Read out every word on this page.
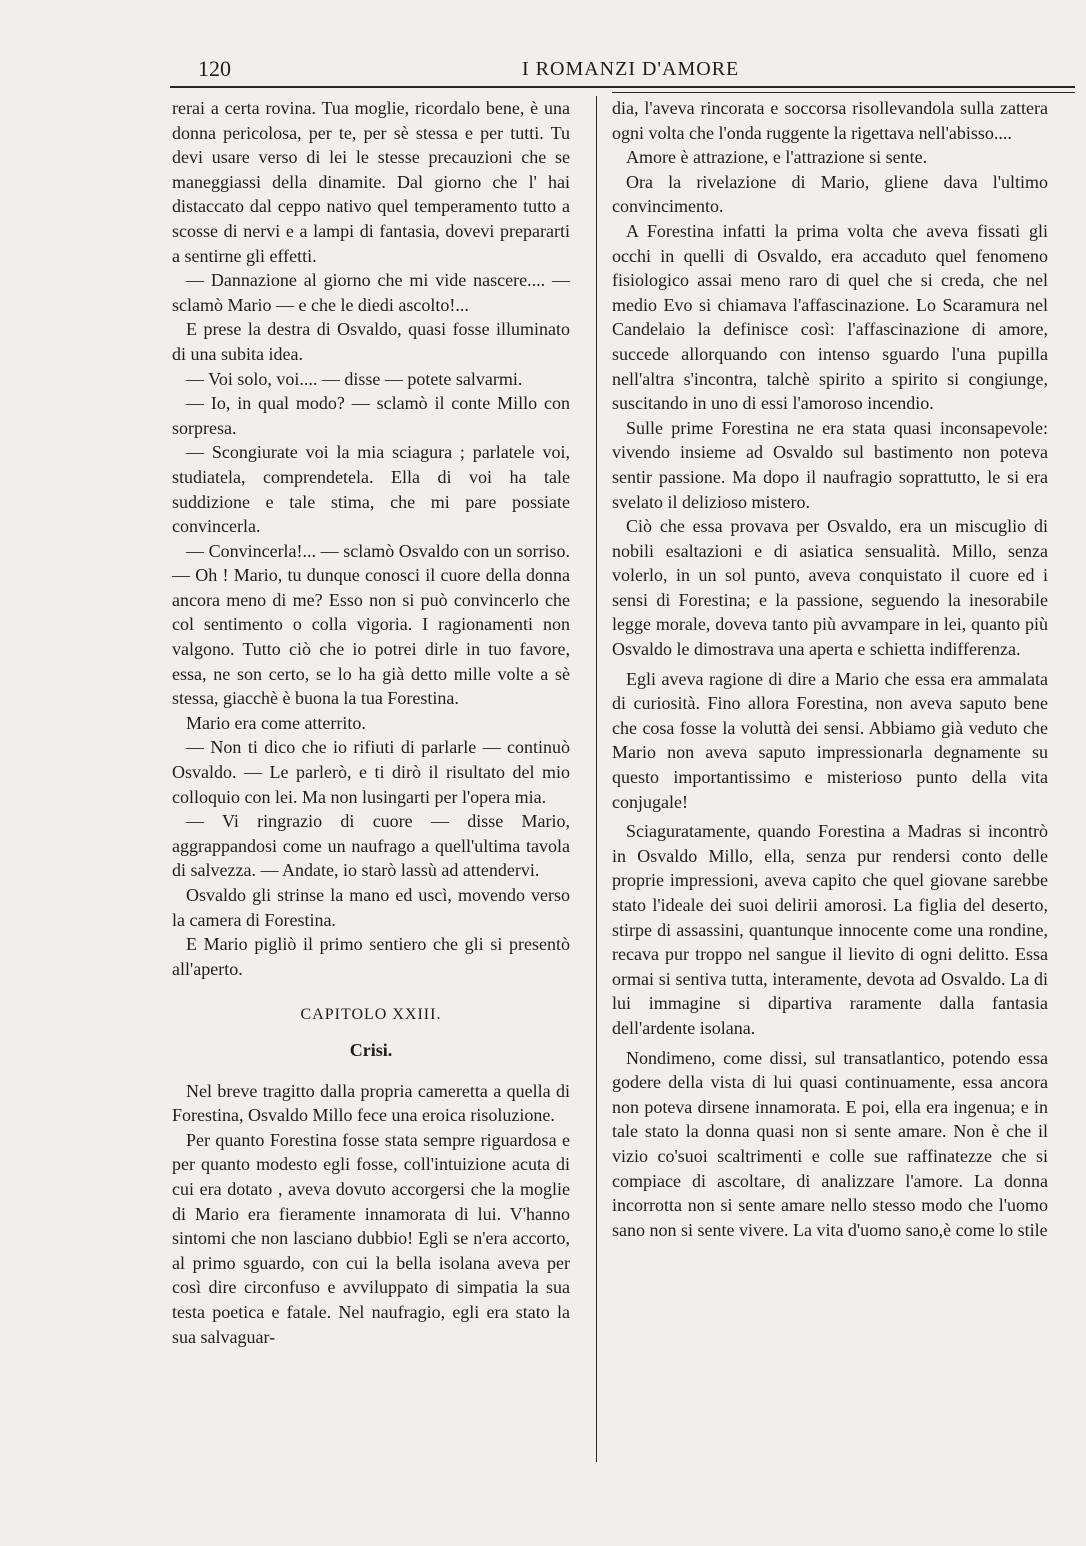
120	I ROMANZI D'AMORE

rerai a certa rovina. Tua moglie, ricordalo bene, è una donna pericolosa, per te, per sè stessa e per tutti. Tu devi usare verso di lei le stesse precauzioni che se maneggiassi della dinamite. Dal giorno che l' hai distaccato dal ceppo nativo quel temperamento tutto a scosse di nervi e a lampi di fantasia, dovevi prepararti a sentirne gli effetti.

— Dannazione al giorno che mi vide nascere.... — sclamò Mario — e che le diedi ascolto!...

E prese la destra di Osvaldo, quasi fosse illuminato di una subita idea.

— Voi solo, voi.... — disse — potete salvarmi.

— Io, in qual modo? — sclamò il conte Millo con sorpresa.

— Scongiurate voi la mia sciagura ; parlatele voi, studiatela, comprendetela. Ella di voi ha tale suddizione e tale stima, che mi pare possiate convincerla.

— Convincerla!... — sclamò Osvaldo con un sorriso. — Oh ! Mario, tu dunque conosci il cuore della donna ancora meno di me? Esso non si può convincerlo che col sentimento o colla vigoria. I ragionamenti non valgono. Tutto ciò che io potrei dirle in tuo favore, essa, ne son certo, se lo ha già detto mille volte a sè stessa, giacchè è buona la tua Forestina.

Mario era come atterrito.

— Non ti dico che io rifiuti di parlarle — continuò Osvaldo. — Le parlerò, e ti dirò il risultato del mio colloquio con lei. Ma non lusingarti per l'opera mia.

— Vi ringrazio di cuore — disse Mario, aggrappandosi come un naufrago a quell'ultima tavola di salvezza. — Andate, io starò lassù ad attendervi.

Osvaldo gli strinse la mano ed uscì, movendo verso la camera di Forestina.

E Mario pigliò il primo sentiero che gli si presentò all'aperto.

CAPITOLO XXIII.

Crisi.

Nel breve tragitto dalla propria cameretta a quella di Forestina, Osvaldo Millo fece una eroica risoluzione.

Per quanto Forestina fosse stata sempre riguardosa e per quanto modesto egli fosse, coll'intuizione acuta di cui era dotato , aveva dovuto accorgersi che la moglie di Mario era fieramente innamorata di lui. V'hanno sintomi che non lasciano dubbio! Egli se n'era accorto, al primo sguardo, con cui la bella isolana aveva per così dire circonfuso e avviluppato di simpatia la sua testa poetica e fatale. Nel naufragio, egli era stato la sua salvaguar-

dia, l'aveva rincorata e soccorsa risollevandola sulla zattera ogni volta che l'onda ruggente la rigettava nell'abisso....

Amore è attrazione, e l'attrazione si sente.

Ora la rivelazione di Mario, gliene dava l'ultimo convincimento.

A Forestina infatti la prima volta che aveva fissati gli occhi in quelli di Osvaldo, era accaduto quel fenomeno fisiologico assai meno raro di quel che si creda, che nel medio Evo si chiamava l'affascinazione. Lo Scaramura nel Candelaio la definisce così: l'affascinazione di amore, succede allorquando con intenso sguardo l'una pupilla nell'altra s'incontra, talchè spirito a spirito si congiunge, suscitando in uno di essi l'amoroso incendio.

Sulle prime Forestina ne era stata quasi inconsapevole: vivendo insieme ad Osvaldo sul bastimento non poteva sentir passione. Ma dopo il naufragio soprattutto, le si era svelato il delizioso mistero.

Ciò che essa provava per Osvaldo, era un miscuglio di nobili esaltazioni e di asiatica sensualità. Millo, senza volerlo, in un sol punto, aveva conquistato il cuore ed i sensi di Forestina; e la passione, seguendo la inesorabile legge morale, doveva tanto più avvampare in lei, quanto più Osvaldo le dimostrava una aperta e schietta indifferenza.

Egli aveva ragione di dire a Mario che essa era ammalata di curiosità. Fino allora Forestina, non aveva saputo bene che cosa fosse la voluttà dei sensi. Abbiamo già veduto che Mario non aveva saputo impressionarla degnamente su questo importantissimo e misterioso punto della vita conjugale!

Sciaguratamente, quando Forestina a Madras si incontrò in Osvaldo Millo, ella, senza pur rendersi conto delle proprie impressioni, aveva capito che quel giovane sarebbe stato l'ideale dei suoi delirii amorosi. La figlia del deserto, stirpe di assassini, quantunque innocente come una rondine, recava pur troppo nel sangue il lievito di ogni delitto. Essa ormai si sentiva tutta, interamente, devota ad Osvaldo. La di lui immagine si dipartiva raramente dalla fantasia dell'ardente isolana.

Nondimeno, come dissi, sul transatlantico, potendo essa godere della vista di lui quasi continuamente, essa ancora non poteva dirsene innamorata. E poi, ella era ingenua; e in tale stato la donna quasi non si sente amare. Non è che il vizio co'suoi scaltrimenti e colle sue raffinatezze che si compiace di ascoltare, di analizzare l'amore. La donna incorrotta non si sente amare nello stesso modo che l'uomo sano non si sente vivere. La vita d'uomo sano,è come lo stile
